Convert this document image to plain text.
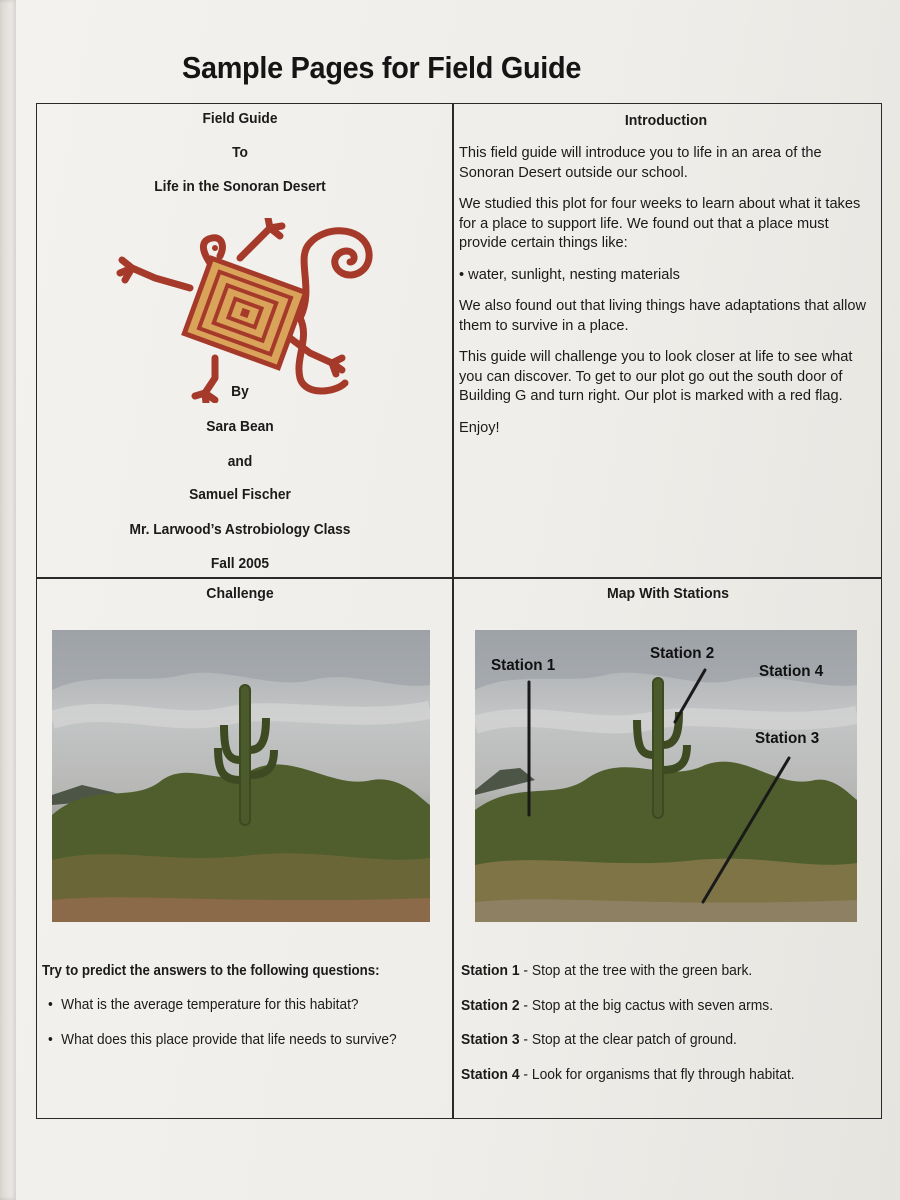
Sample Pages for Field Guide
Field Guide
To
Life in the Sonoran Desert
By
Sara Bean
and
Samuel Fischer
Mr. Larwood’s Astrobiology Class
Fall 2005
Introduction

This field guide will introduce you to life in an area of the Sonoran Desert outside our school.

We studied this plot for four weeks to learn about what it takes for a place to support life. We found out that a place must provide certain things like:

• water, sunlight, nesting materials

We also found out that living things have adaptations that allow them to survive in a place.

This guide will challenge you to look closer at life to see what you can discover. To get to our plot go out the south door of Building G and turn right. Our plot is marked with a red flag.

Enjoy!

Challenge
Try to predict the answers to the following questions:
• What is the average temperature for this habitat?
• What does this place provide that life needs to survive?
Map With Stations
Station 1
Station 2
Station 4
Station 3
Station 1 - Stop at the tree with the green bark.
Station 2 - Stop at the big cactus with seven arms.
Station 3 - Stop at the clear patch of ground.
Station 4 - Look for organisms that fly through habitat.
